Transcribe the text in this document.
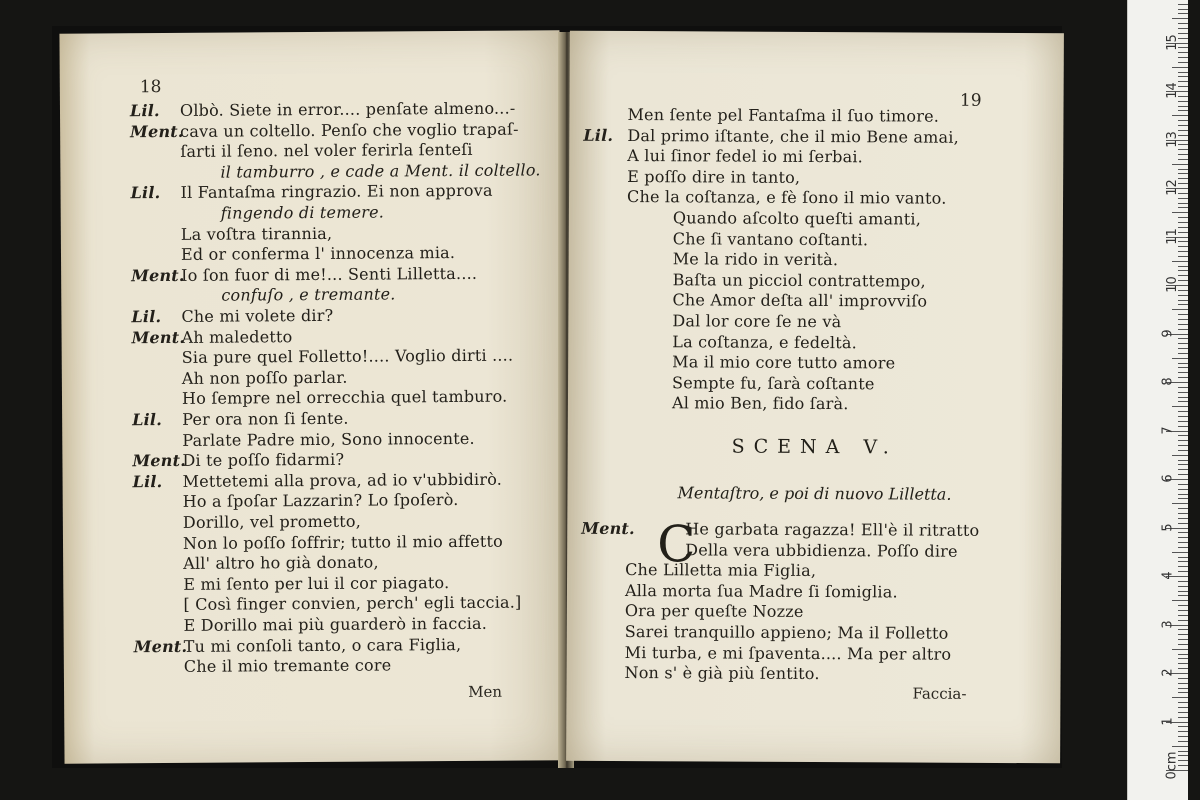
18
Lil. Olbò. Siete in error.... penſate almeno...-
Ment.cava un coltello. Penſo che voglio trapaſ-
ſarti il ſeno. nel voler ferirla ſenteſi
il tamburro , e cade a Ment. il coltello.
Lil. Il Fantaſma ringrazio. Ei non approva
fingendo di temere.
La voſtra tirannia,
Ed or conferma l' innocenza mia.
Ment.Io ſon fuor di me!... Senti Lilletta....
confuſo , e tremante.
Lil. Che mi volete dir?
Ment.Ah maledetto
Sia pure quel Folletto!.... Voglio dirti ....
Ah non poſſo parlar.
Ho ſempre nel orrecchia quel tamburo.
Lil. Per ora non ſi ſente.
Parlate Padre mio, Sono innocente.
Ment.Di te poſſo fidarmi?
Lil. Mettetemi alla prova, ad io v'ubbidirò.
Ho a ſpoſar Lazzarin? Lo ſpoſerò.
Dorillo, vel prometto,
Non lo poſſo ſoffrir; tutto il mio affetto
All' altro ho già donato,
E mi ſento per lui il cor piagato.
[ Così finger convien, perch' egli taccia.]
E Dorillo mai più guarderò in faccia.
Ment.Tu mi conſoli tanto, o cara Figlia,
Che il mio tremante core
Men
19
Men ſente pel Fantaſma il ſuo timore.
Lil. Dal primo iſtante, che il mio Bene amai,
A lui ſinor fedel io mi ſerbai.
E poſſo dire in tanto,
Che la coſtanza, e fè ſono il mio vanto.
Quando aſcolto queſti amanti,
Che ſi vantano coſtanti.
Me la rido in verità.
Baſta un picciol contrattempo,
Che Amor deſta all' improvviſo
Dal lor core ſe ne và
La coſtanza, e fedeltà.
Ma il mio core tutto amore
Sempte fu, ſarà coſtante
Al mio Ben, fido ſarà.
Ment.	He garbata ragazza! Ell'è il ritratto
Della vera ubbidienza. Poſſo dire
Che Lilletta mia Figlia,
Alla morta ſua Madre ſi ſomiglia.
Ora per queſte Nozze
Sarei tranquillo appieno; Ma il Folletto
Mi turba, e mi ſpaventa.... Ma per altro
Non s' è già più ſentito.
SCENA V.
Mentaſtro, e poi di nuovo Lilletta.
C
Faccia-
15
14
13
12
11
10
9
8
7
6
5
4
3
2
1
0cm
